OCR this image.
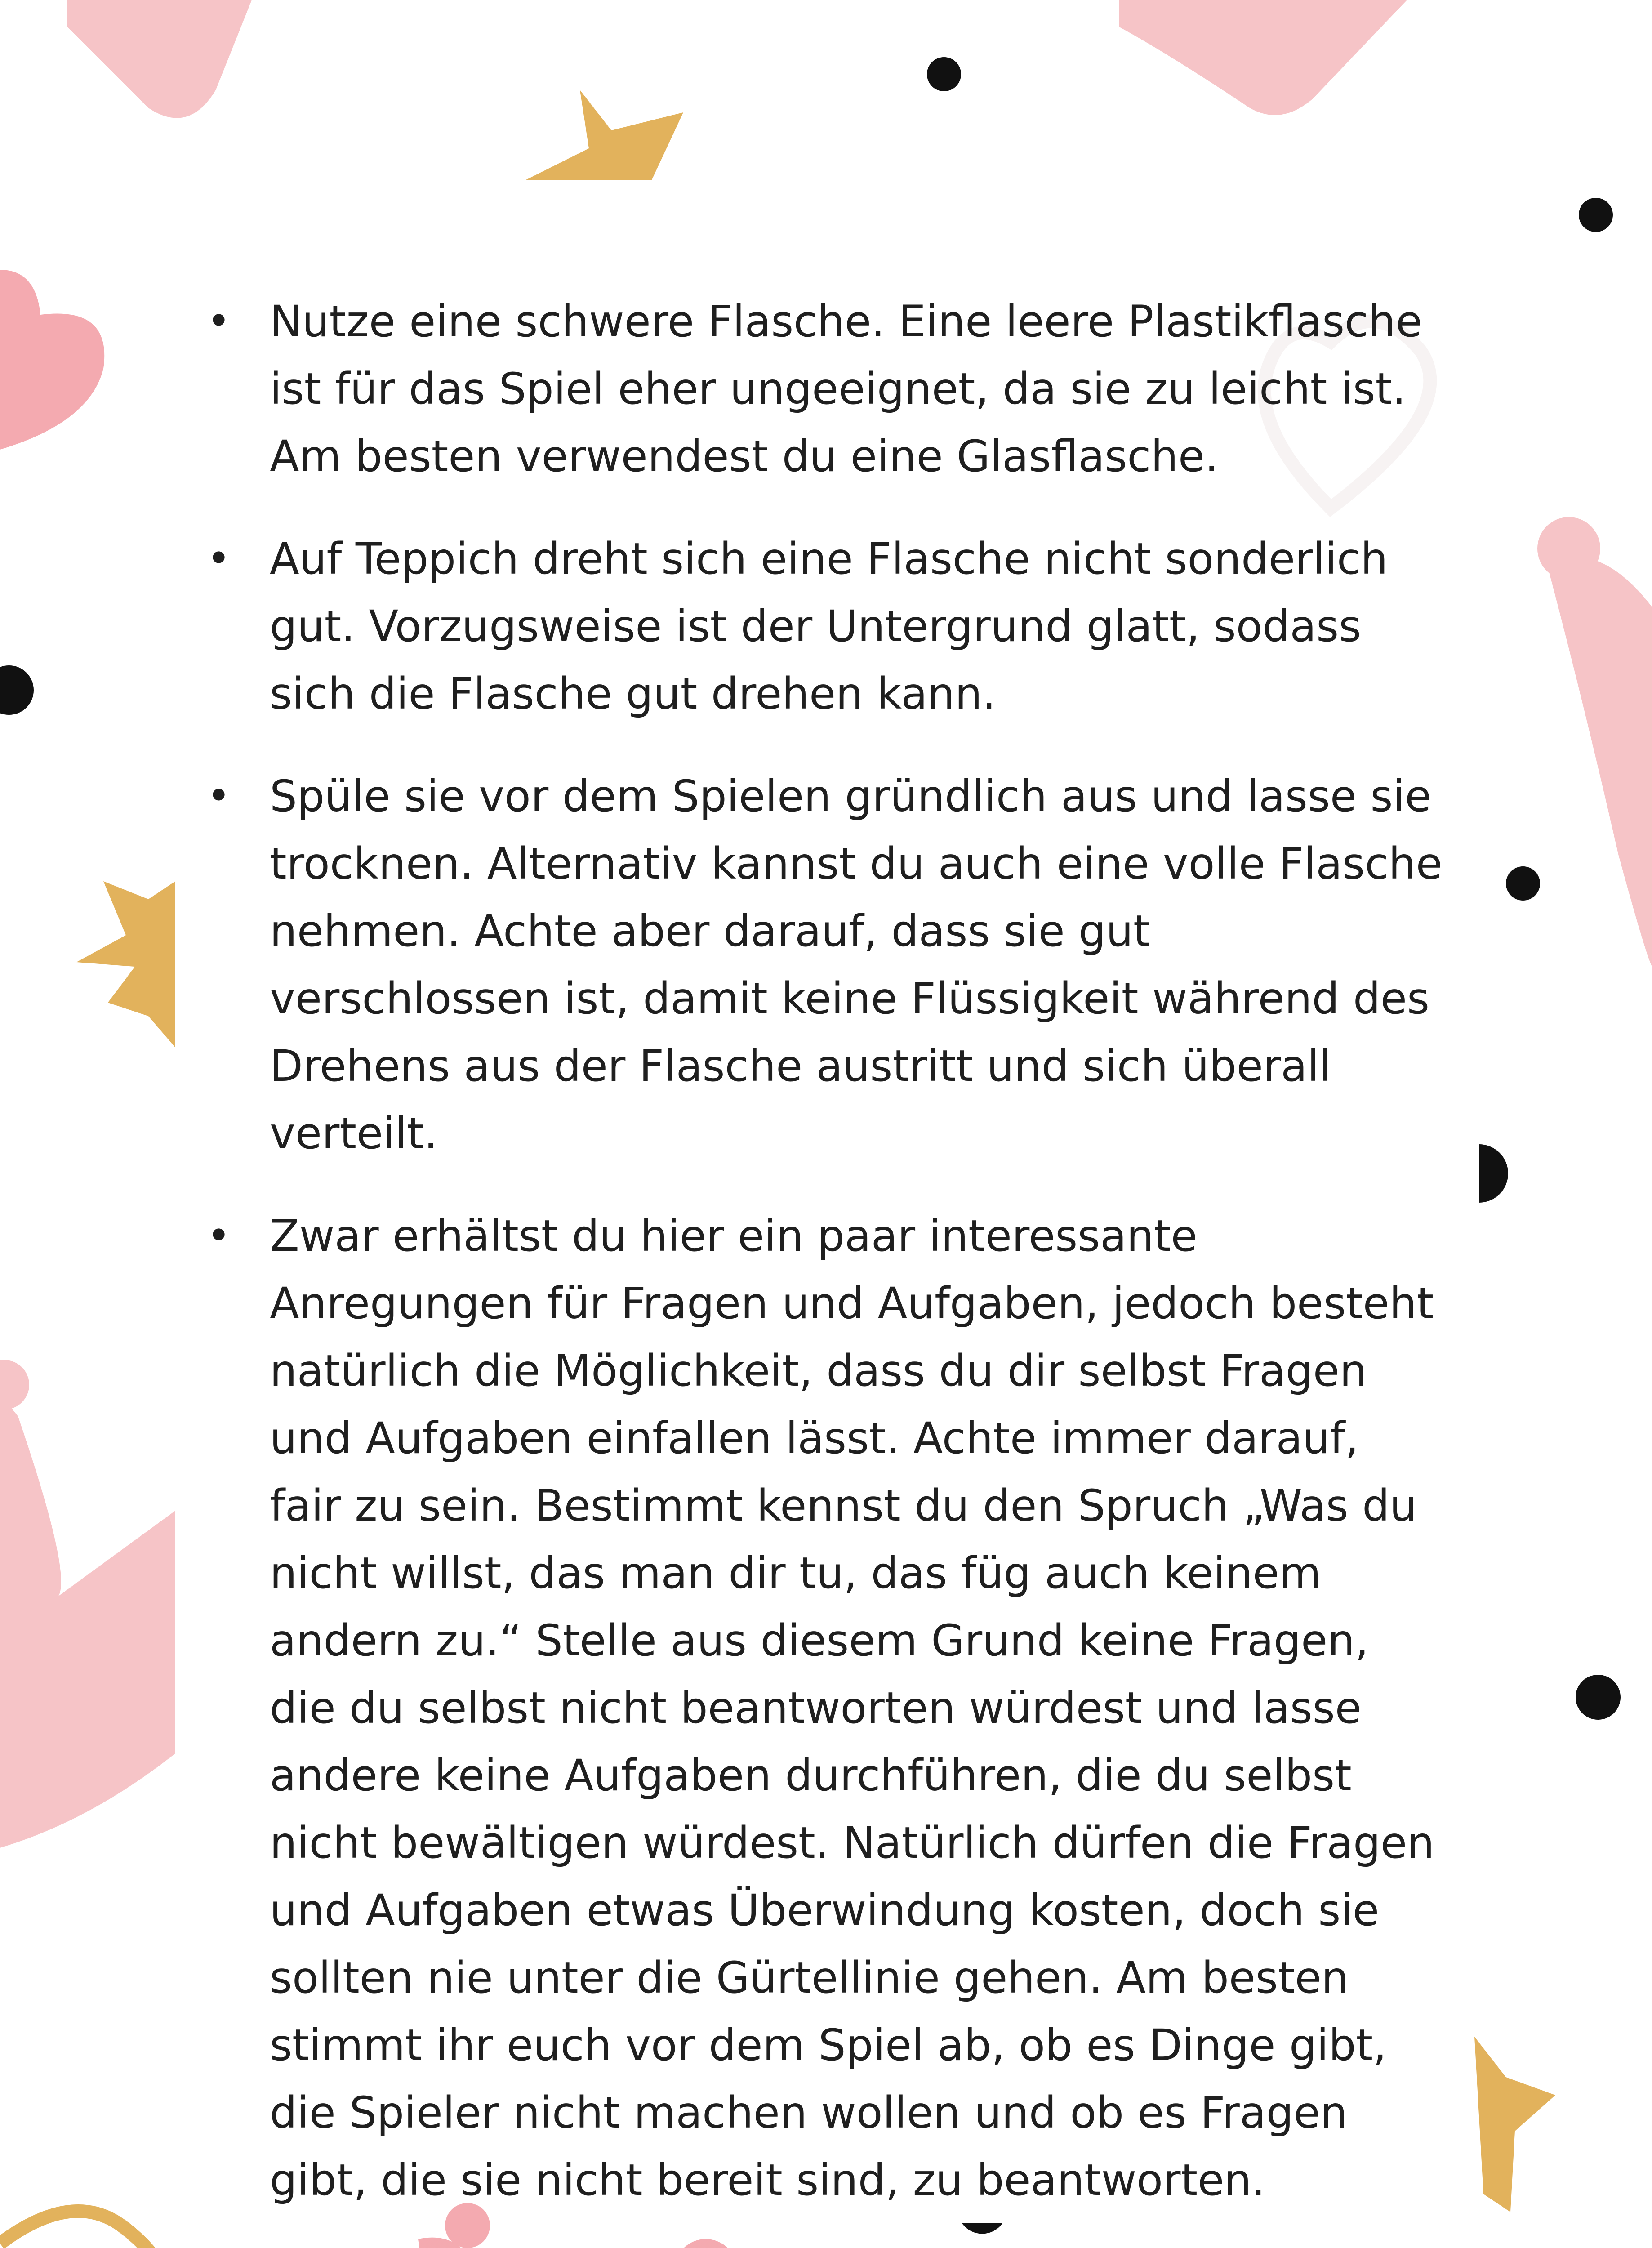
• Nutze eine schwere Flasche. Eine leere Plastikflasche ist für das Spiel eher ungeeignet, da sie zu leicht ist. Am besten verwendest du eine Glasflasche.
• Auf Teppich dreht sich eine Flasche nicht sonderlich gut. Vorzugsweise ist der Untergrund glatt, sodass sich die Flasche gut drehen kann.
• Spüle sie vor dem Spielen gründlich aus und lasse sie trocknen. Alternativ kannst du auch eine volle Flasche nehmen. Achte aber darauf, dass sie gut verschlossen ist, damit keine Flüssigkeit während des Drehens aus der Flasche austritt und sich überall verteilt.
• Zwar erhältst du hier ein paar interessante Anregungen für Fragen und Aufgaben, jedoch besteht natürlich die Möglichkeit, dass du dir selbst Fragen und Aufgaben einfallen lässt. Achte immer darauf, fair zu sein. Bestimmt kennst du den Spruch „Was du nicht willst, das man dir tu, das füg auch keinem andern zu.“ Stelle aus diesem Grund keine Fragen, die du selbst nicht beantworten würdest und lasse andere keine Aufgaben durchführen, die du selbst nicht bewältigen würdest. Natürlich dürfen die Fragen und Aufgaben etwas Überwindung kosten, doch sie sollten nie unter die Gürtellinie gehen. Am besten stimmt ihr euch vor dem Spiel ab, ob es Dinge gibt, die Spieler nicht machen wollen und ob es Fragen gibt, die sie nicht bereit sind, zu beantworten.
